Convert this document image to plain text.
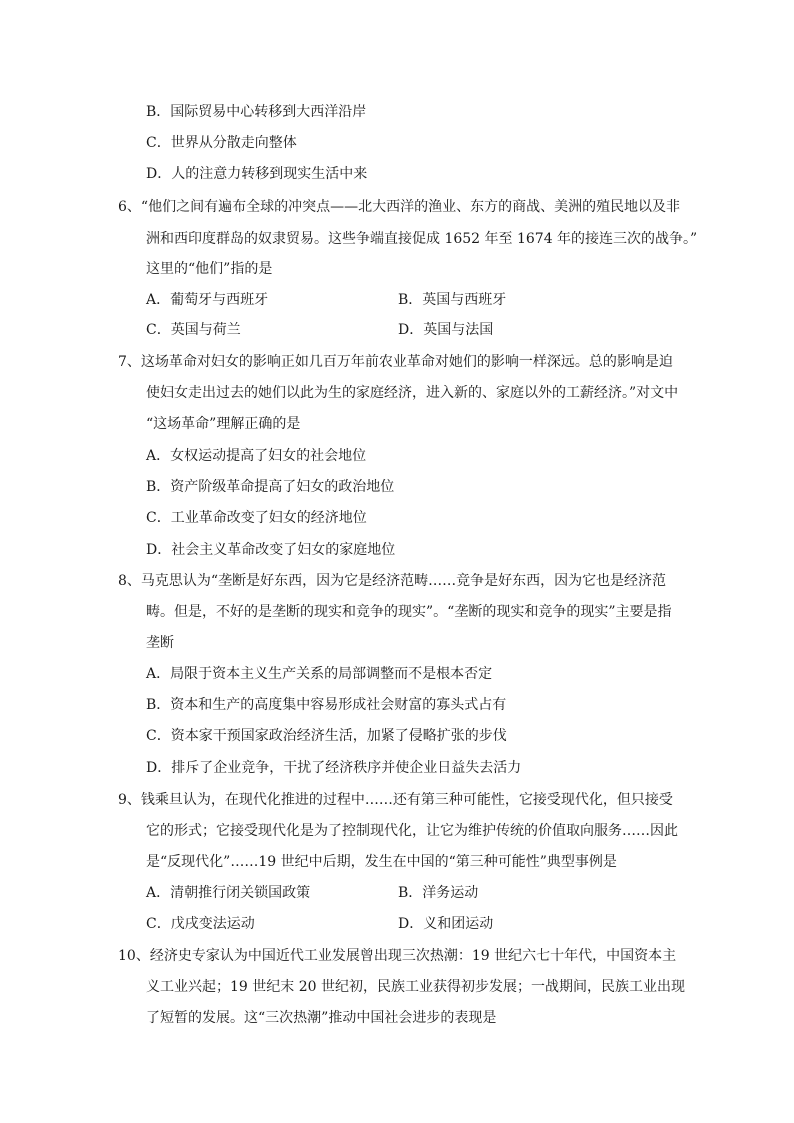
B．国际贸易中心转移到大西洋沿岸
C．世界从分散走向整体
D．人的注意力转移到现实生活中来
6、“他们之间有遍布全球的冲突点——北大西洋的渔业、东方的商战、美洲的殖民地以及非
洲和西印度群岛的奴隶贸易。这些争端直接促成 1652 年至 1674 年的接连三次的战争。”
这里的“他们”指的是
A．葡萄牙与西班牙	B．英国与西班牙
C．英国与荷兰	D．英国与法国
7、这场革命对妇女的影响正如几百万年前农业革命对她们的影响一样深远。总的影响是迫
使妇女走出过去的她们以此为生的家庭经济，进入新的、家庭以外的工薪经济。”对文中
“这场革命”理解正确的是
A．女权运动提高了妇女的社会地位
B．资产阶级革命提高了妇女的政治地位
C．工业革命改变了妇女的经济地位
D．社会主义革命改变了妇女的家庭地位
8、马克思认为“垄断是好东西，因为它是经济范畴……竞争是好东西，因为它也是经济范
畴。但是，不好的是垄断的现实和竞争的现实”。“垄断的现实和竞争的现实”主要是指
垄断
A．局限于资本主义生产关系的局部调整而不是根本否定
B．资本和生产的高度集中容易形成社会财富的寡头式占有
C．资本家干预国家政治经济生活，加紧了侵略扩张的步伐
D．排斥了企业竞争，干扰了经济秩序并使企业日益失去活力
9、钱乘旦认为，在现代化推进的过程中……还有第三种可能性，它接受现代化，但只接受
它的形式；它接受现代化是为了控制现代化，让它为维护传统的价值取向服务……因此
是“反现代化”……19 世纪中后期，发生在中国的“第三种可能性”典型事例是
A．清朝推行闭关锁国政策	B．洋务运动
C．戊戌变法运动	D．义和团运动
10、经济史专家认为中国近代工业发展曾出现三次热潮：19 世纪六七十年代，中国资本主
义工业兴起；19 世纪末 20 世纪初，民族工业获得初步发展；一战期间，民族工业出现
了短暂的发展。这“三次热潮”推动中国社会进步的表现是
